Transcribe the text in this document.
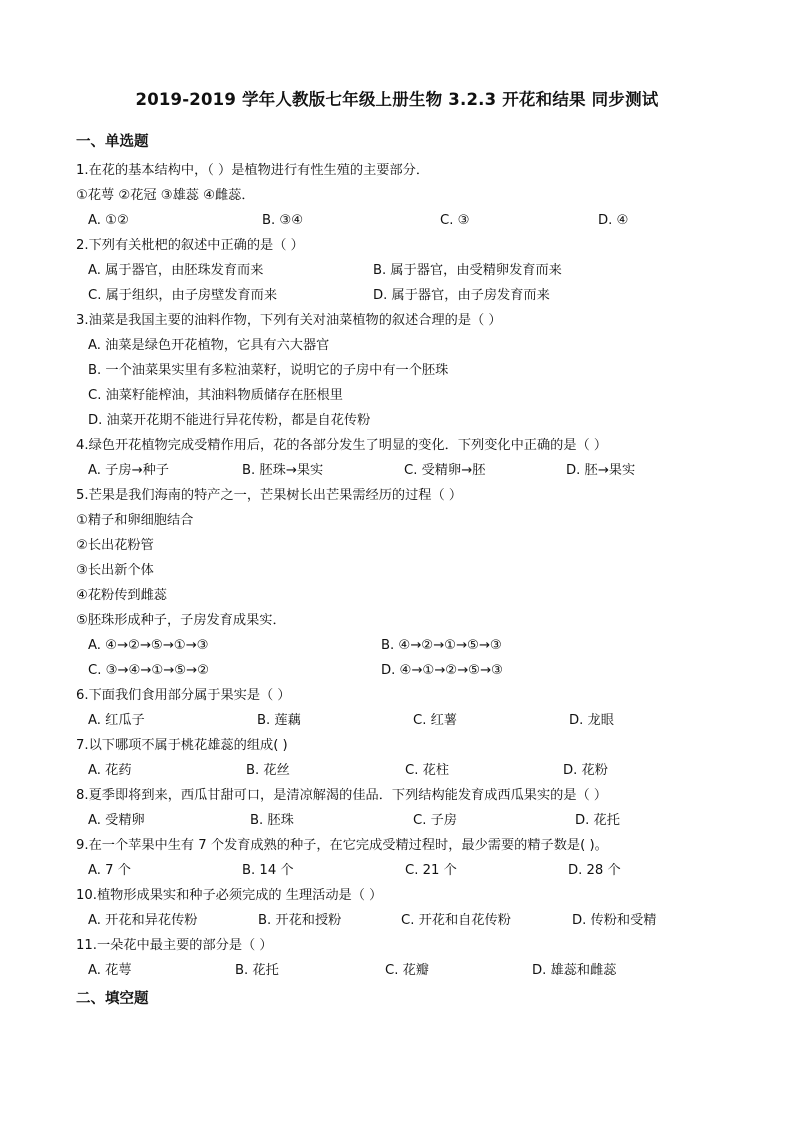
2019-2019 学年人教版七年级上册生物 3.2.3 开花和结果 同步测试
一、单选题
1.在花的基本结构中，（ ）是植物进行有性生殖的主要部分．
①花萼 ②花冠 ③雄蕊 ④雌蕊．
A. ①②	B. ③④	C. ③	D. ④
2.下列有关枇杷的叙述中正确的是（ ）
A. 属于器官，由胚珠发育而来	B. 属于器官，由受精卵发育而来
C. 属于组织，由子房壁发育而来	D. 属于器官，由子房发育而来
3.油菜是我国主要的油料作物，下列有关对油菜植物的叙述合理的是（ ）
A. 油菜是绿色开花植物，它具有六大器官
B. 一个油菜果实里有多粒油菜籽，说明它的子房中有一个胚珠
C. 油菜籽能榨油，其油料物质储存在胚根里
D. 油菜开花期不能进行异花传粉，都是自花传粉
4.绿色开花植物完成受精作用后，花的各部分发生了明显的变化．下列变化中正确的是（ ）
A. 子房→种子	B. 胚珠→果实	C. 受精卵→胚	D. 胚→果实
5.芒果是我们海南的特产之一，芒果树长出芒果需经历的过程（ ）
①精子和卵细胞结合
②长出花粉管
③长出新个体
④花粉传到雌蕊
⑤胚珠形成种子，子房发育成果实．
A. ④→②→⑤→①→③	B. ④→②→①→⑤→③
C. ③→④→①→⑤→②	D. ④→①→②→⑤→③
6.下面我们食用部分属于果实是（ ）
A. 红瓜子	B. 莲藕	C. 红薯	D. 龙眼
7.以下哪项不属于桃花雄蕊的组成( )
A. 花药	B. 花丝	C. 花柱	D. 花粉
8.夏季即将到来，西瓜甘甜可口，是清凉解渴的佳品．下列结构能发育成西瓜果实的是（ ）
A. 受精卵	B. 胚珠	C. 子房	D. 花托
9.在一个苹果中生有 7 个发育成熟的种子，在它完成受精过程时，最少需要的精子数是( )。
A. 7 个	B. 14 个	C. 21 个	D. 28 个
10.植物形成果实和种子必须完成的 生理活动是（ ）
A. 开花和异花传粉	B. 开花和授粉	C. 开花和自花传粉	D. 传粉和受精
11.一朵花中最主要的部分是（ ）
A. 花萼	B. 花托	C. 花瓣	D. 雄蕊和雌蕊
二、填空题
